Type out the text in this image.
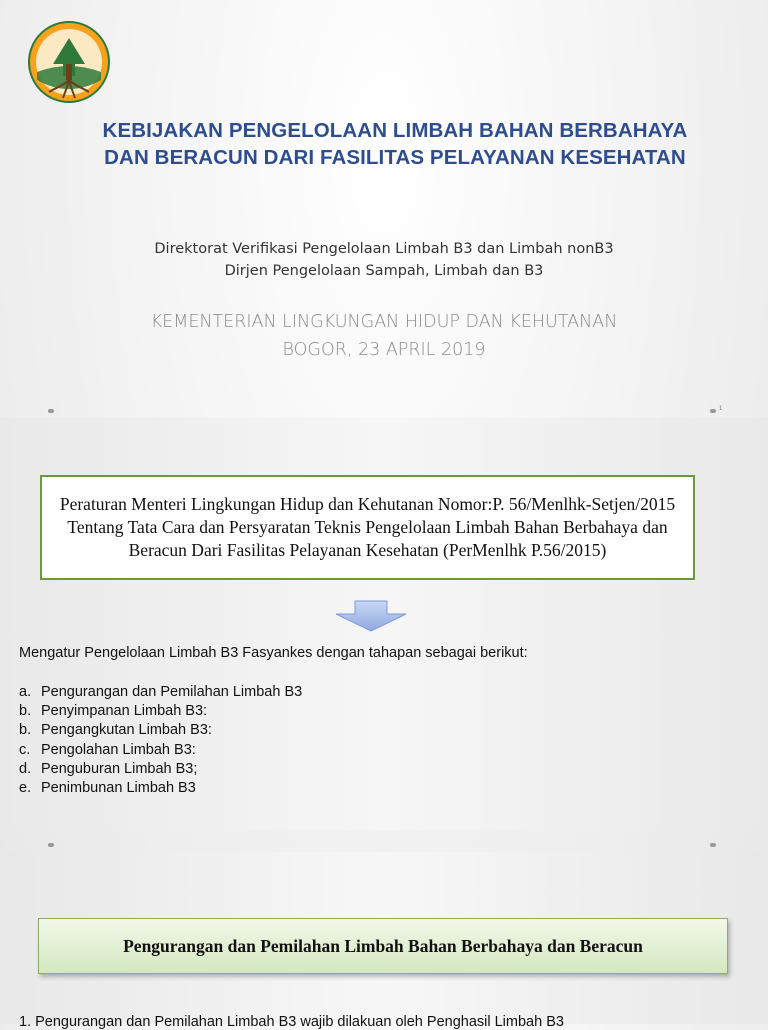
KEBIJAKAN PENGELOLAAN LIMBAH BAHAN BERBAHAYA
DAN BERACUN DARI FASILITAS PELAYANAN KESEHATAN
Direktorat Verifikasi Pengelolaan Limbah B3 dan Limbah nonB3
Dirjen Pengelolaan Sampah, Limbah dan B3
KEMENTERIAN LINGKUNGAN HIDUP DAN KEHUTANAN
BOGOR, 23 APRIL 2019
1
Peraturan Menteri Lingkungan Hidup dan Kehutanan Nomor:P. 56/Menlhk-Setjen/2015 Tentang Tata Cara dan Persyaratan Teknis Pengelolaan Limbah Bahan Berbahaya dan Beracun Dari Fasilitas Pelayanan Kesehatan (PerMenlhk P.56/2015)
Mengatur Pengelolaan Limbah B3 Fasyankes dengan tahapan sebagai berikut:
a. Pengurangan dan Pemilahan Limbah B3
b. Penyimpanan Limbah B3:
b. Pengangkutan Limbah B3:
c. Pengolahan Limbah B3:
d. Penguburan Limbah B3;
e. Penimbunan Limbah B3
Pengurangan dan Pemilahan Limbah Bahan Berbahaya dan Beracun
1. Pengurangan dan Pemilahan Limbah B3 wajib dilakuan oleh Penghasil Limbah B3
